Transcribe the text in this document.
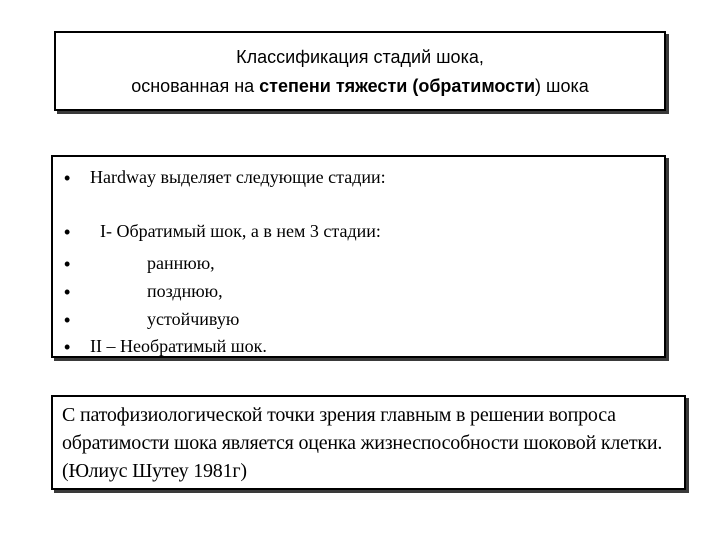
Классификация стадий шока,
основанная на степени тяжести (обратимости) шока
• Hardway выделяет следующие стадии:
• I- Обратимый шок, а в нем 3 стадии:
•	раннюю,
•	позднюю,
•	устойчивую
• II – Необратимый шок.
С патофизиологической точки зрения главным в решении вопроса обратимости шока является оценка жизнеспособности шоковой клетки. (Юлиус Шутеу 1981г)
